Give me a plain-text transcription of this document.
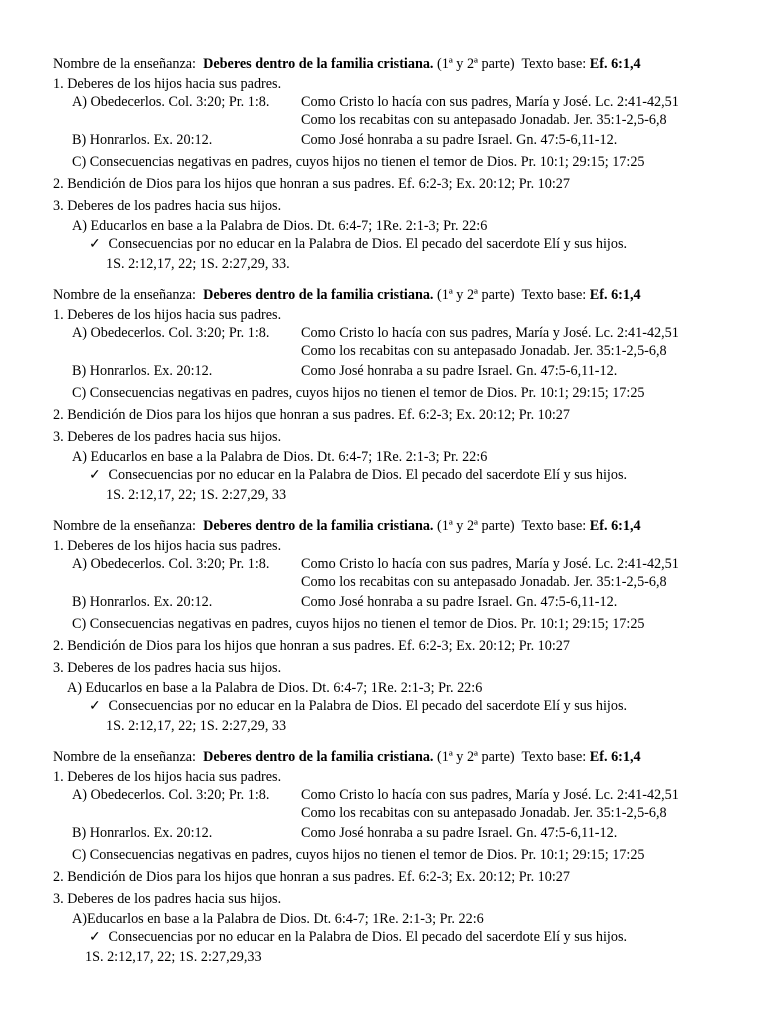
Nombre de la enseñanza: Deberes dentro de la familia cristiana. (1ª y 2ª parte) Texto base: Ef. 6:1,4
1. Deberes de los hijos hacia sus padres.
A) Obedecerlos. Col. 3:20; Pr. 1:8. Como Cristo lo hacía con sus padres, María y José. Lc. 2:41-42,51
Como los recabitas con su antepasado Jonadab. Jer. 35:1-2,5-6,8
B) Honrarlos. Ex. 20:12.	Como José honraba a su padre Israel. Gn. 47:5-6,11-12.
C) Consecuencias negativas en padres, cuyos hijos no tienen el temor de Dios. Pr. 10:1; 29:15; 17:25
2. Bendición de Dios para los hijos que honran a sus padres. Ef. 6:2-3; Ex. 20:12; Pr. 10:27
3. Deberes de los padres hacia sus hijos.
A) Educarlos en base a la Palabra de Dios. Dt. 6:4-7; 1Re. 2:1-3; Pr. 22:6
✓ Consecuencias por no educar en la Palabra de Dios. El pecado del sacerdote Elí y sus hijos.
1S. 2:12,17, 22; 1S. 2:27,29, 33.
Nombre de la enseñanza: Deberes dentro de la familia cristiana. (1ª y 2ª parte) Texto base: Ef. 6:1,4
1. Deberes de los hijos hacia sus padres.
A) Obedecerlos. Col. 3:20; Pr. 1:8. Como Cristo lo hacía con sus padres, María y José. Lc. 2:41-42,51
Como los recabitas con su antepasado Jonadab. Jer. 35:1-2,5-6,8
B) Honrarlos. Ex. 20:12.	Como José honraba a su padre Israel. Gn. 47:5-6,11-12.
C) Consecuencias negativas en padres, cuyos hijos no tienen el temor de Dios. Pr. 10:1; 29:15; 17:25
2. Bendición de Dios para los hijos que honran a sus padres. Ef. 6:2-3; Ex. 20:12; Pr. 10:27
3. Deberes de los padres hacia sus hijos.
A) Educarlos en base a la Palabra de Dios. Dt. 6:4-7; 1Re. 2:1-3; Pr. 22:6
✓ Consecuencias por no educar en la Palabra de Dios. El pecado del sacerdote Elí y sus hijos.
1S. 2:12,17, 22; 1S. 2:27,29, 33
Nombre de la enseñanza: Deberes dentro de la familia cristiana. (1ª y 2ª parte) Texto base: Ef. 6:1,4
1. Deberes de los hijos hacia sus padres.
A) Obedecerlos. Col. 3:20; Pr. 1:8. Como Cristo lo hacía con sus padres, María y José. Lc. 2:41-42,51
Como los recabitas con su antepasado Jonadab. Jer. 35:1-2,5-6,8
B) Honrarlos. Ex. 20:12.	Como José honraba a su padre Israel. Gn. 47:5-6,11-12.
C) Consecuencias negativas en padres, cuyos hijos no tienen el temor de Dios. Pr. 10:1; 29:15; 17:25
2. Bendición de Dios para los hijos que honran a sus padres. Ef. 6:2-3; Ex. 20:12; Pr. 10:27
3. Deberes de los padres hacia sus hijos.
A) Educarlos en base a la Palabra de Dios. Dt. 6:4-7; 1Re. 2:1-3; Pr. 22:6
✓ Consecuencias por no educar en la Palabra de Dios. El pecado del sacerdote Elí y sus hijos.
1S. 2:12,17, 22; 1S. 2:27,29, 33
Nombre de la enseñanza: Deberes dentro de la familia cristiana. (1ª y 2ª parte) Texto base: Ef. 6:1,4
1. Deberes de los hijos hacia sus padres.
A) Obedecerlos. Col. 3:20; Pr. 1:8. Como Cristo lo hacía con sus padres, María y José. Lc. 2:41-42,51
Como los recabitas con su antepasado Jonadab. Jer. 35:1-2,5-6,8
B) Honrarlos. Ex. 20:12.	Como José honraba a su padre Israel. Gn. 47:5-6,11-12.
C) Consecuencias negativas en padres, cuyos hijos no tienen el temor de Dios. Pr. 10:1; 29:15; 17:25
2. Bendición de Dios para los hijos que honran a sus padres. Ef. 6:2-3; Ex. 20:12; Pr. 10:27
3. Deberes de los padres hacia sus hijos.
A)Educarlos en base a la Palabra de Dios. Dt. 6:4-7; 1Re. 2:1-3; Pr. 22:6
✓ Consecuencias por no educar en la Palabra de Dios. El pecado del sacerdote Elí y sus hijos.
1S. 2:12,17, 22; 1S. 2:27,29,33
